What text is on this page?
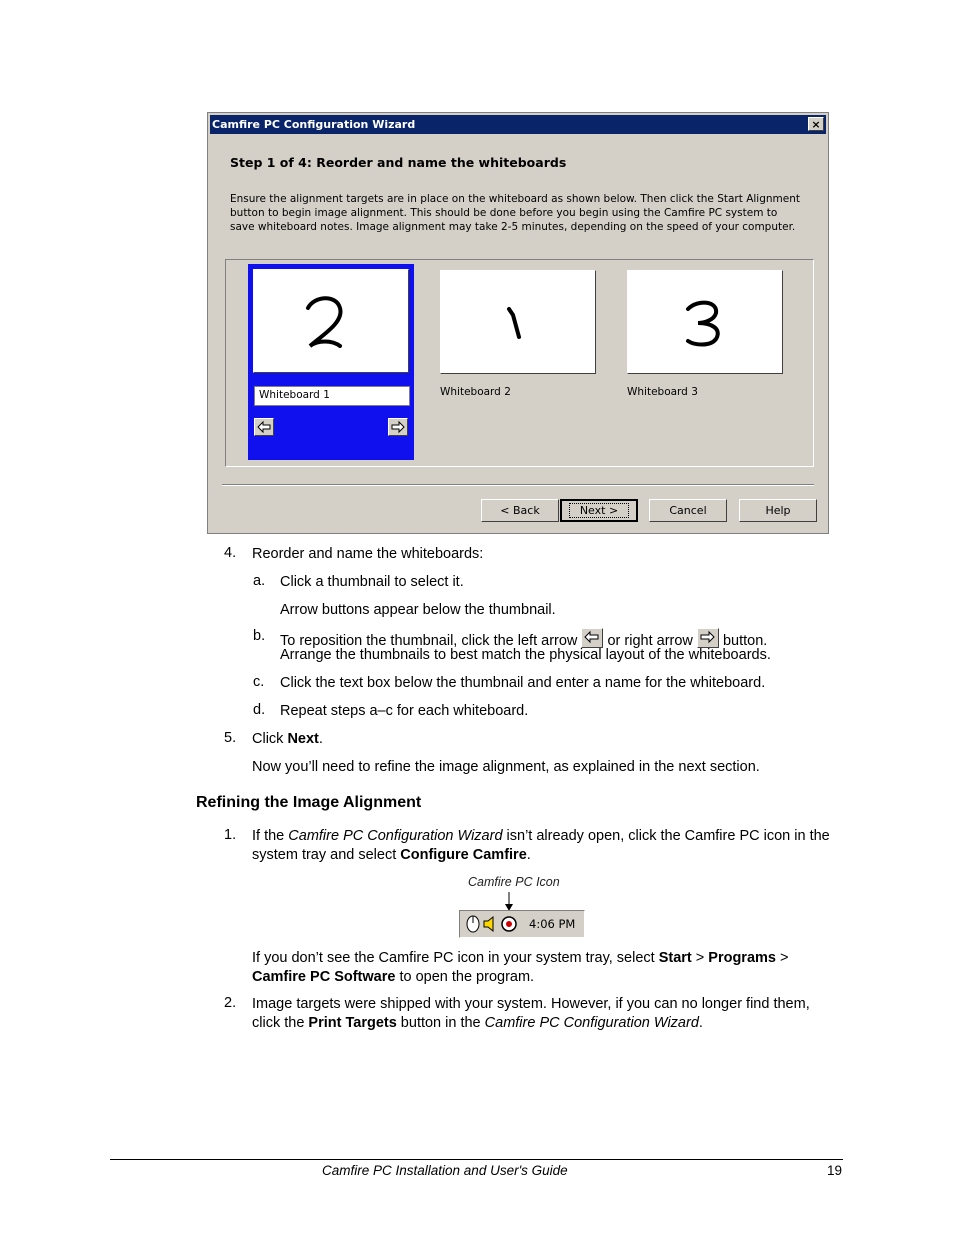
Camfire PC Configuration Wizard	×
Step 1 of 4: Reorder and name the whiteboards
Ensure the alignment targets are in place on the whiteboard as shown below. Then click the Start Alignment button to begin image alignment. This should be done before you begin using the Camfire PC system to save whiteboard notes. Image alignment may take 2-5 minutes, depending on the speed of your computer.
Whiteboard 1	Whiteboard 2	Whiteboard 3
< Back	Next >	Cancel	Help
4. Reorder and name the whiteboards:
a. Click a thumbnail to select it.
Arrow buttons appear below the thumbnail.
b. To reposition the thumbnail, click the left arrow or right arrow button.
Arrange the thumbnails to best match the physical layout of the whiteboards.
c. Click the text box below the thumbnail and enter a name for the whiteboard.
d. Repeat steps a–c for each whiteboard.
5. Click Next.
Now you’ll need to refine the image alignment, as explained in the next section.
Refining the Image Alignment
1. If the Camfire PC Configuration Wizard isn’t already open, click the Camfire PC icon in the system tray and select Configure Camfire.
Camfire PC Icon
4:06 PM
If you don’t see the Camfire PC icon in your system tray, select Start > Programs > Camfire PC Software to open the program.
2. Image targets were shipped with your system. However, if you can no longer find them, click the Print Targets button in the Camfire PC Configuration Wizard.
Camfire PC Installation and User's Guide	19
